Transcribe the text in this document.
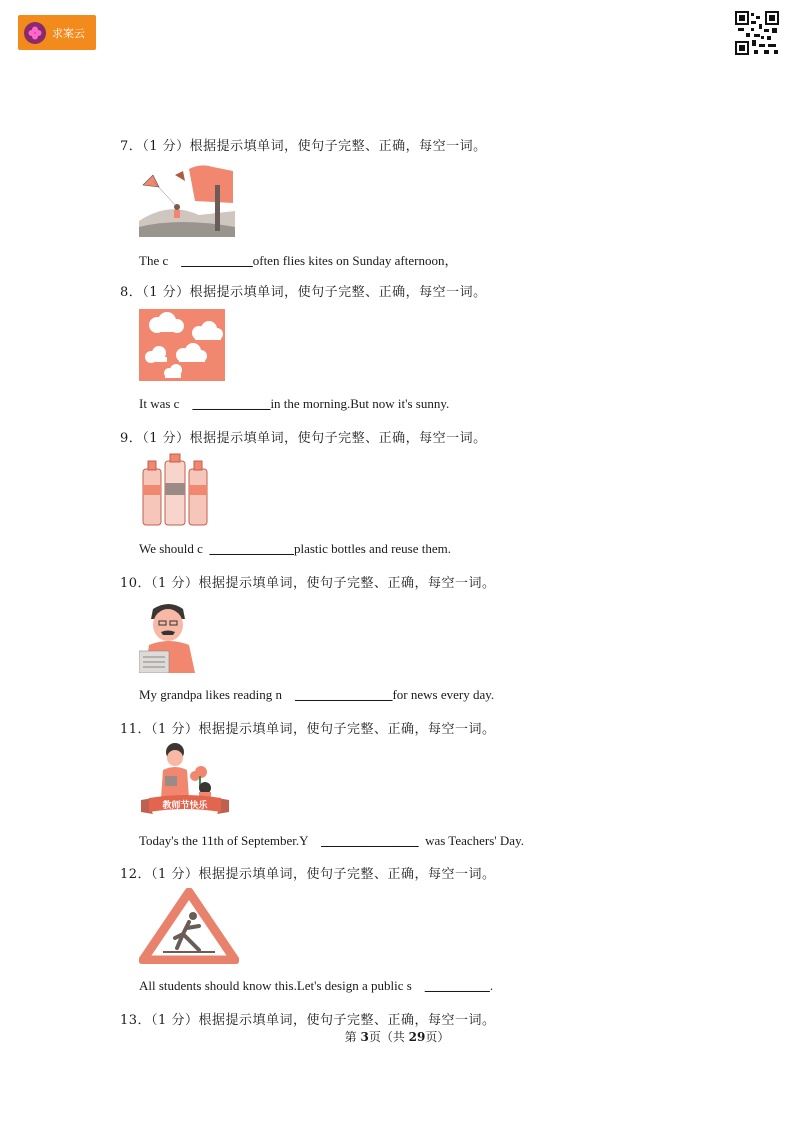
求案云
7．（1 分）根据提示填单词，使句子完整、正确，每空一词。
The c    ___________often flies kites on Sunday afternoon，
8．（1 分）根据提示填单词，使句子完整、正确，每空一词。
It was c    ____________in the morning.But now it's sunny.
9．（1 分）根据提示填单词，使句子完整、正确，每空一词。
We should c  _____________plastic bottles and reuse them.
10．（1 分）根据提示填单词，使句子完整、正确，每空一词。
My grandpa likes reading n    _______________for news every day.
11．（1 分）根据提示填单词，使句子完整、正确，每空一词。
教师节快乐
Today's the 11th of September.Y    _______________  was Teachers' Day.
12．（1 分）根据提示填单词，使句子完整、正确，每空一词。
All students should know this.Let's design a public s    __________.
13．（1 分）根据提示填单词，使句子完整、正确，每空一词。
第 3页（共 29页）
